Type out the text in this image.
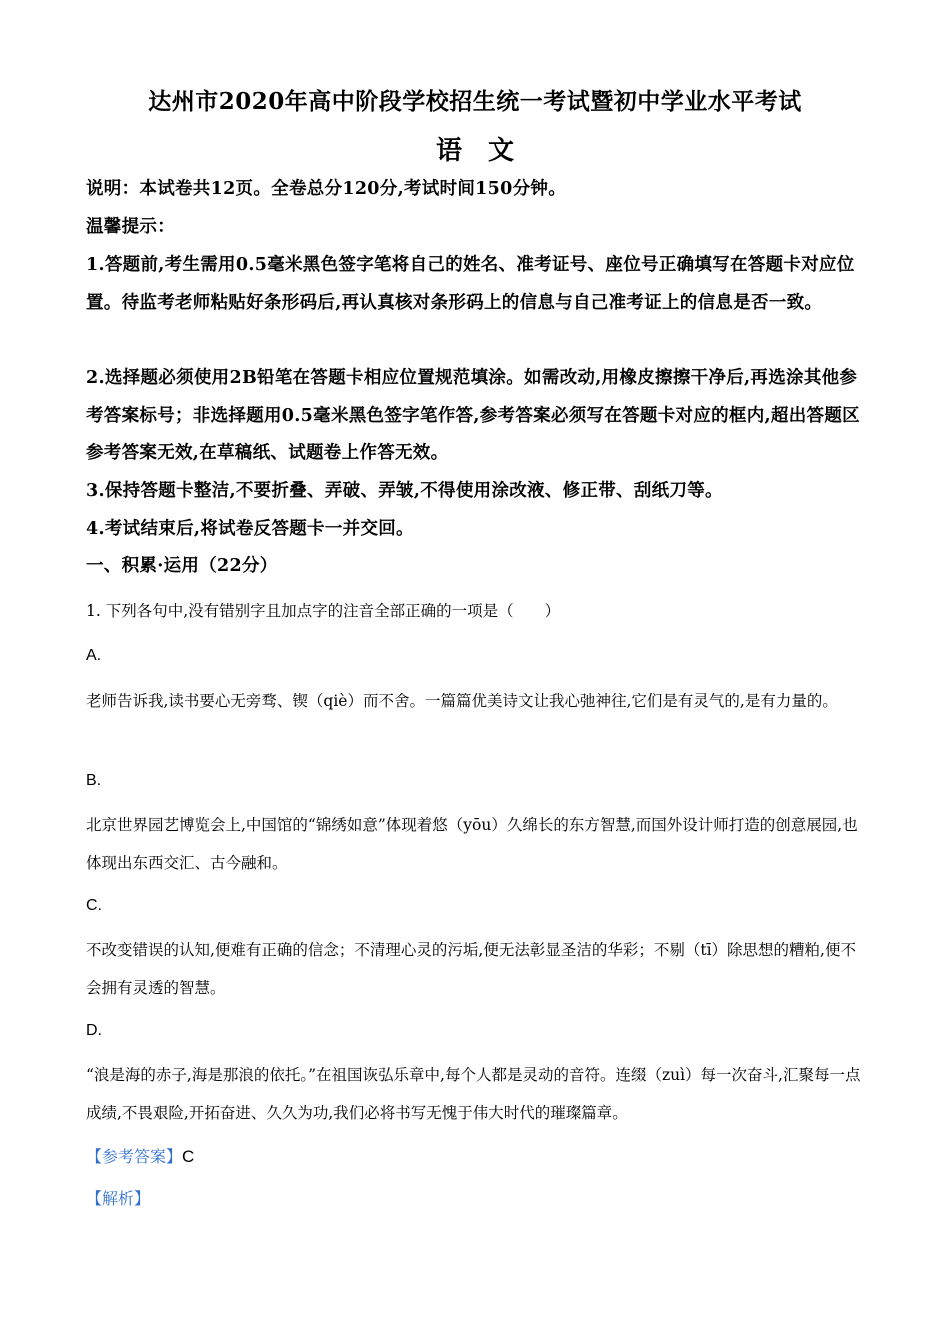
达州市2020年高中阶段学校招生统一考试暨初中学业水平考试
语　文
说明：本试卷共12页。全卷总分120分,考试时间150分钟。
温馨提示：
1.答题前,考生需用0.5毫米黑色签字笔将自己的姓名、准考证号、座位号正确填写在答题卡对应位置。待监考老师粘贴好条形码后,再认真核对条形码上的信息与自己准考证上的信息是否一致。
2.选择题必须使用2B铅笔在答题卡相应位置规范填涂。如需改动,用橡皮擦擦干净后,再选涂其他参考答案标号；非选择题用0.5毫米黑色签字笔作答,参考答案必须写在答题卡对应的框内,超出答题区参考答案无效,在草稿纸、试题卷上作答无效。
3.保持答题卡整洁,不要折叠、弄破、弄皱,不得使用涂改液、修正带、刮纸刀等。
4.考试结束后,将试卷反答题卡一并交回。
一、积累·运用（22分）
1. 下列各句中,没有错别字且加点字的注音全部正确的一项是（　　）
A.
老师告诉我,读书要心无旁骛、锲（qiè）而不舍。一篇篇优美诗文让我心弛神往,它们是有灵气的,是有力量的。
B.
北京世界园艺博览会上,中国馆的“锦绣如意”体现着悠（yōu）久绵长的东方智慧,而国外设计师打造的创意展园,也体现出东西交汇、古今融和。
C.
不改变错误的认知,便难有正确的信念；不清理心灵的污垢,便无法彰显圣洁的华彩；不剔（tī）除思想的糟粕,便不会拥有灵透的智慧。
D.
“浪是海的赤子,海是那浪的依托。”在祖国诙弘乐章中,每个人都是灵动的音符。连缀（zuì）每一次奋斗,汇聚每一点成绩,不畏艰险,开拓奋进、久久为功,我们必将书写无愧于伟大时代的璀璨篇章。
【参考答案】C
【解析】
